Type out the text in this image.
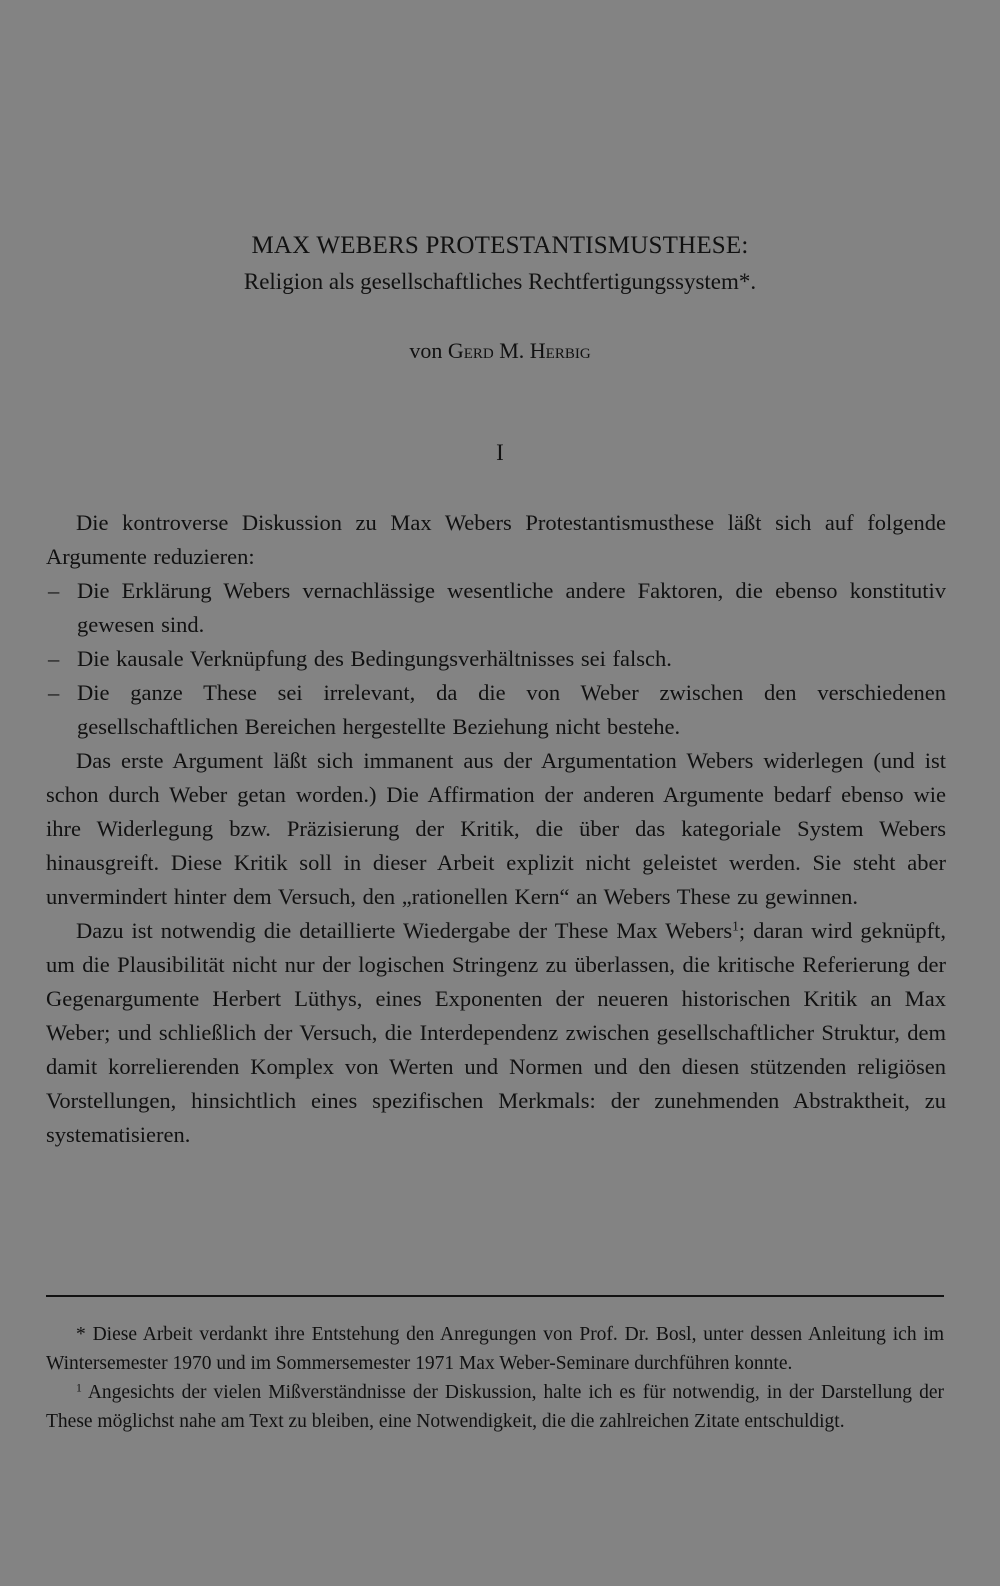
MAX WEBERS PROTESTANTISMUSTHESE:
Religion als gesellschaftliches Rechtfertigungssystem*.
von Gerd M. Herbig
I

Die kontroverse Diskussion zu Max Webers Protestantismusthese läßt sich auf folgende Argumente reduzieren:

– Die Erklärung Webers vernachlässige wesentliche andere Faktoren, die ebenso konstitutiv gewesen sind.
– Die kausale Verknüpfung des Bedingungsverhältnisses sei falsch.
– Die ganze These sei irrelevant, da die von Weber zwischen den verschiedenen gesellschaftlichen Bereichen hergestellte Beziehung nicht bestehe.

Das erste Argument läßt sich immanent aus der Argumentation Webers widerlegen (und ist schon durch Weber getan worden.) Die Affirmation der anderen Argumente bedarf ebenso wie ihre Widerlegung bzw. Präzisierung der Kritik, die über das kategoriale System Webers hinausgreift. Diese Kritik soll in dieser Arbeit explizit nicht geleistet werden. Sie steht aber unvermindert hinter dem Versuch, den „rationellen Kern“ an Webers These zu gewinnen.

Dazu ist notwendig die detaillierte Wiedergabe der These Max Webers$^1$; daran wird geknüpft, um die Plausibilität nicht nur der logischen Stringenz zu überlassen, die kritische Referierung der Gegenargumente Herbert Lüthys, eines Exponenten der neueren historischen Kritik an Max Weber; und schließlich der Versuch, die Interdependenz zwischen gesellschaftlicher Struktur, dem damit korrelierenden Komplex von Werten und Normen und den diesen stützenden religiösen Vorstellungen, hinsichtlich eines spezifischen Merkmals: der zunehmenden Abstraktheit, zu systematisieren.

* Diese Arbeit verdankt ihre Entstehung den Anregungen von Prof. Dr. Bosl, unter dessen Anleitung ich im Wintersemester 1970 und im Sommersemester 1971 Max Weber-Seminare durchführen konnte.

$^1$ Angesichts der vielen Mißverständnisse der Diskussion, halte ich es für notwendig, in der Darstellung der These möglichst nahe am Text zu bleiben, eine Notwendigkeit, die die zahlreichen Zitate entschuldigt.
